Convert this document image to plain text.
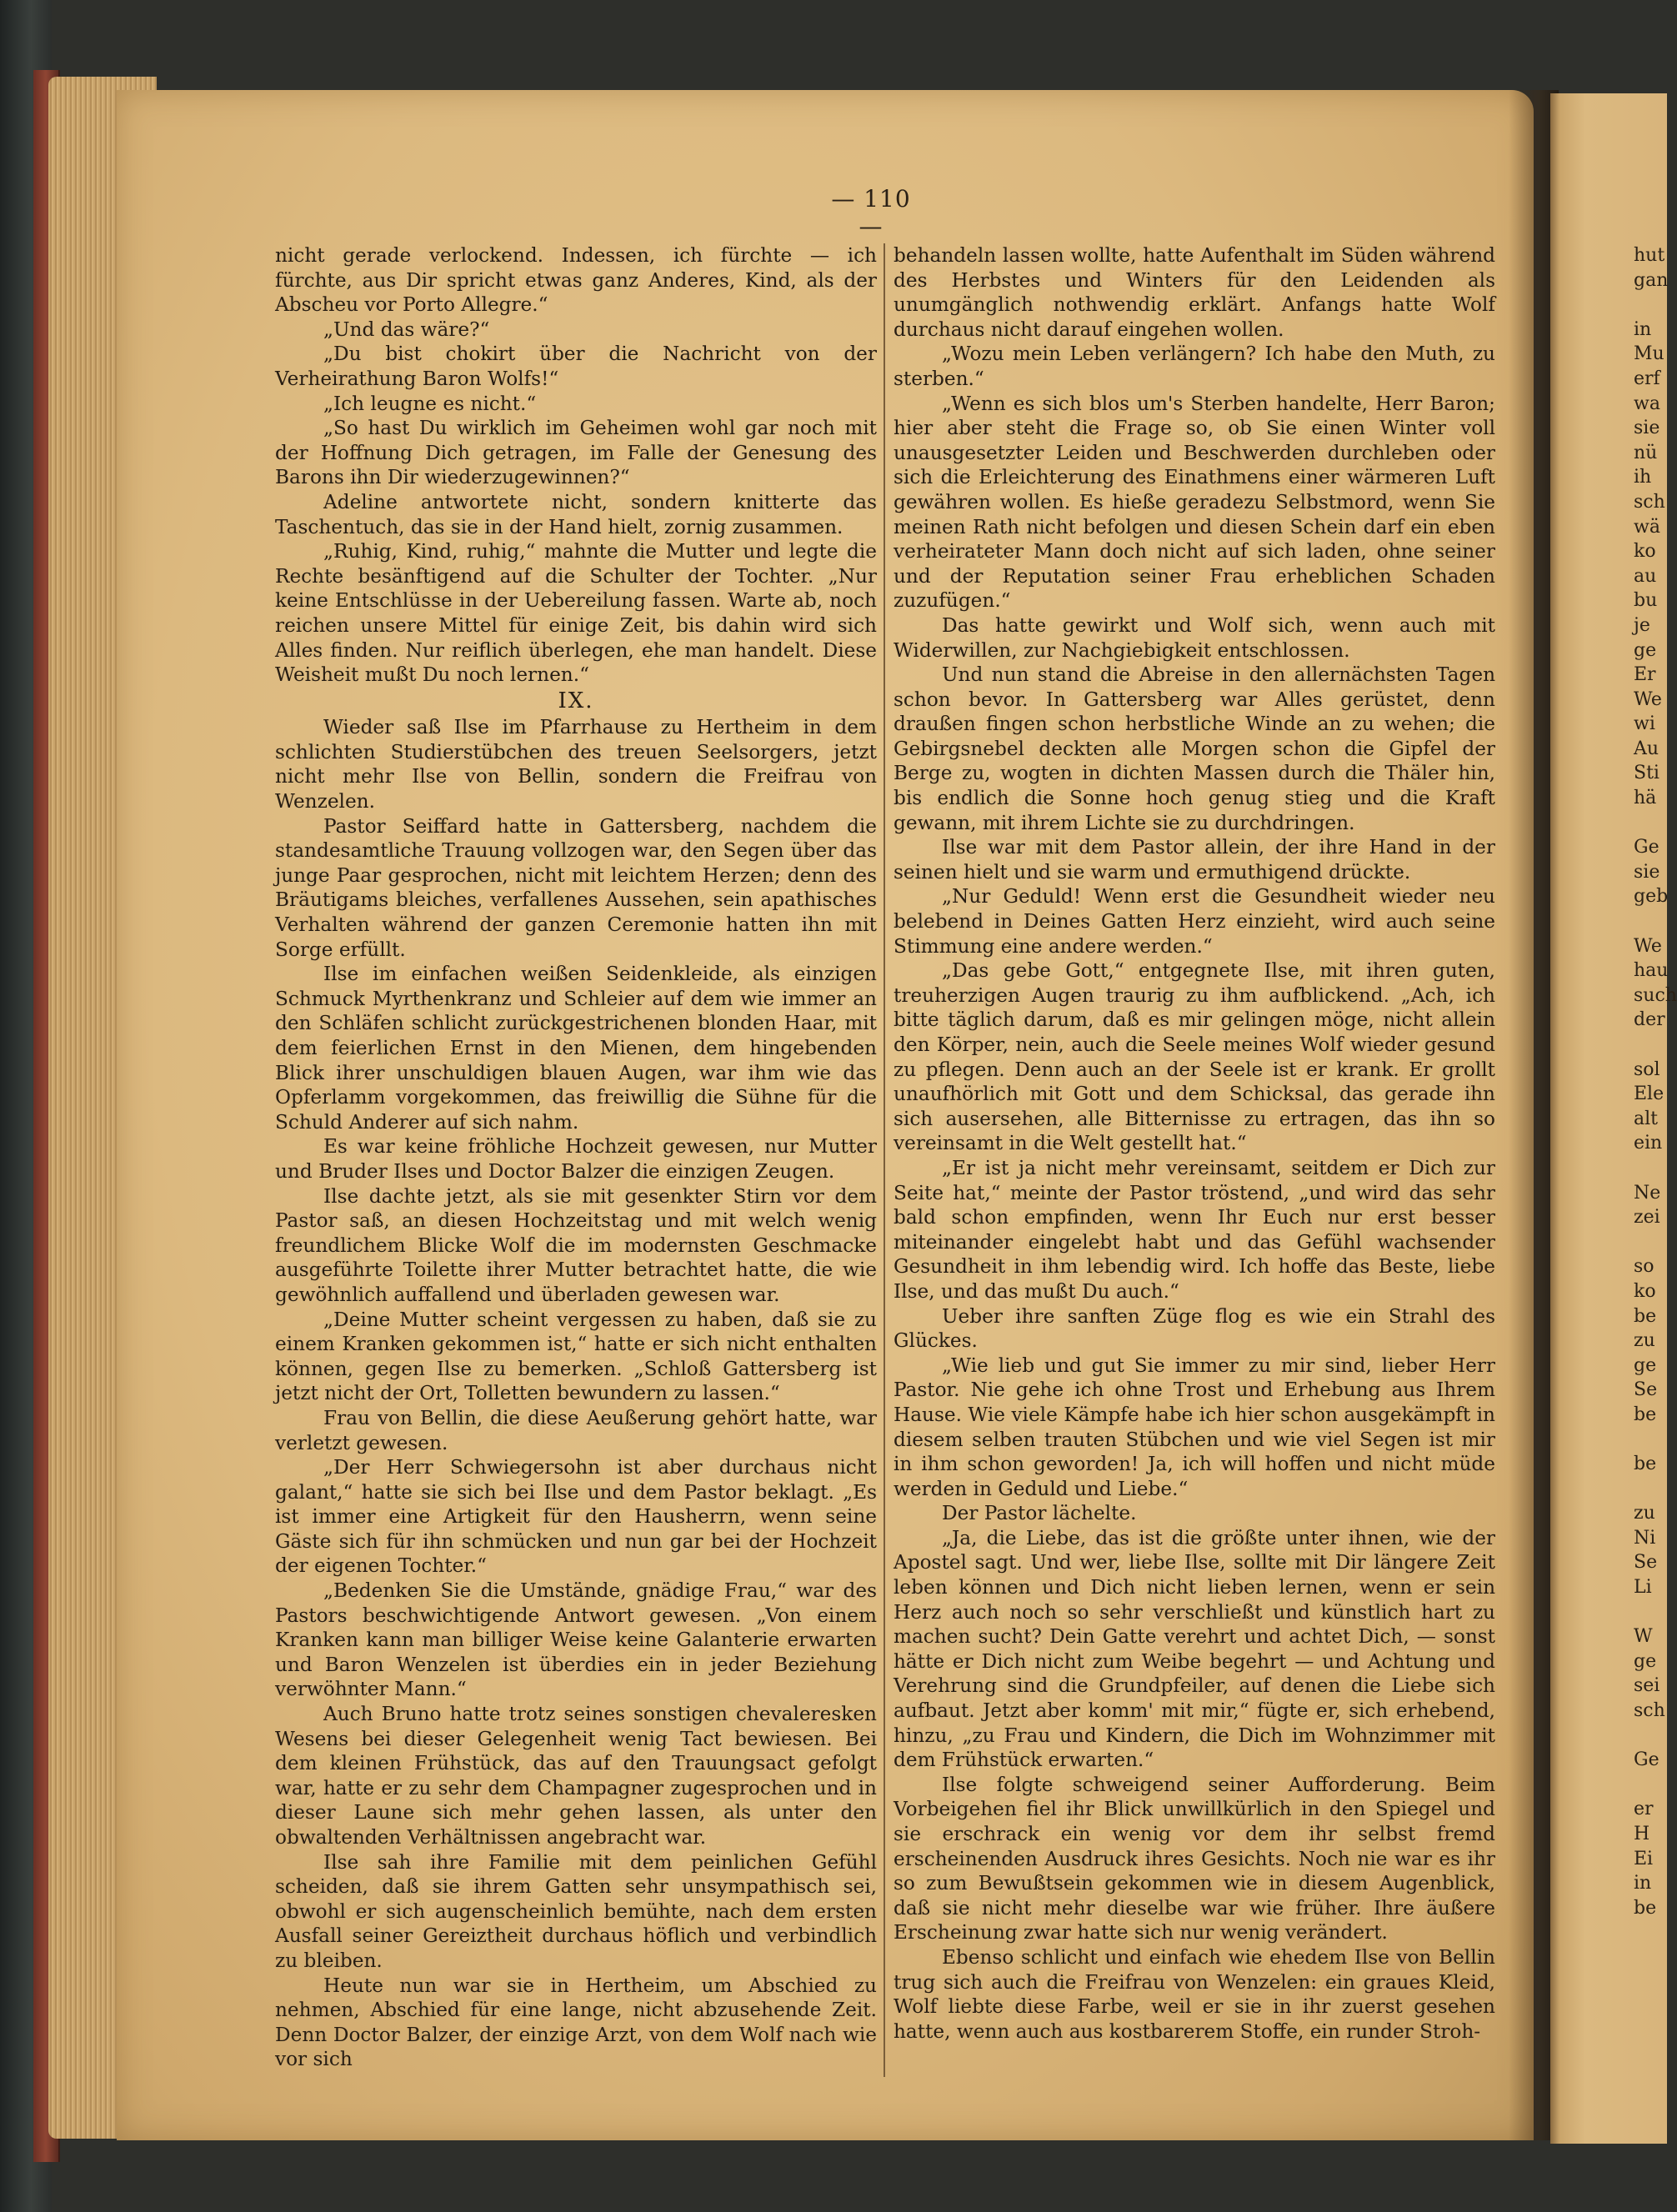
— 110 —

nicht gerade verlockend. Indessen, ich fürchte — ich fürchte, aus Dir spricht etwas ganz Anderes, Kind, als der Abscheu vor Porto Allegre.“

„Und das wäre?“

„Du bist chokirt über die Nachricht von der Verheirathung Baron Wolfs!“

„Ich leugne es nicht.“

„So hast Du wirklich im Geheimen wohl gar noch mit der Hoffnung Dich getragen, im Falle der Genesung des Barons ihn Dir wiederzugewinnen?“

Adeline antwortete nicht, sondern knitterte das Taschentuch, das sie in der Hand hielt, zornig zusammen.

„Ruhig, Kind, ruhig,“ mahnte die Mutter und legte die Rechte besänftigend auf die Schulter der Tochter. „Nur keine Entschlüsse in der Uebereilung fassen. Warte ab, noch reichen unsere Mittel für einige Zeit, bis dahin wird sich Alles finden. Nur reiflich überlegen, ehe man handelt. Diese Weisheit mußt Du noch lernen.“

IX.

Wieder saß Ilse im Pfarrhause zu Hertheim in dem schlichten Studierstübchen des treuen Seelsorgers, jetzt nicht mehr Ilse von Bellin, sondern die Freifrau von Wenzelen.

Pastor Seiffard hatte in Gattersberg, nachdem die standesamtliche Trauung vollzogen war, den Segen über das junge Paar gesprochen, nicht mit leichtem Herzen; denn des Bräutigams bleiches, verfallenes Aussehen, sein apathisches Verhalten während der ganzen Ceremonie hatten ihn mit Sorge erfüllt.

Ilse im einfachen weißen Seidenkleide, als einzigen Schmuck Myrthenkranz und Schleier auf dem wie immer an den Schläfen schlicht zurückgestrichenen blonden Haar, mit dem feierlichen Ernst in den Mienen, dem hingebenden Blick ihrer unschuldigen blauen Augen, war ihm wie das Opferlamm vorgekommen, das freiwillig die Sühne für die Schuld Anderer auf sich nahm.

Es war keine fröhliche Hochzeit gewesen, nur Mutter und Bruder Ilses und Doctor Balzer die einzigen Zeugen.

Ilse dachte jetzt, als sie mit gesenkter Stirn vor dem Pastor saß, an diesen Hochzeitstag und mit welch wenig freundlichem Blicke Wolf die im modernsten Geschmacke ausgeführte Toilette ihrer Mutter betrachtet hatte, die wie gewöhnlich auffallend und überladen gewesen war.

„Deine Mutter scheint vergessen zu haben, daß sie zu einem Kranken gekommen ist,“ hatte er sich nicht enthalten können, gegen Ilse zu bemerken. „Schloß Gattersberg ist jetzt nicht der Ort, Tolletten bewundern zu lassen.“

Frau von Bellin, die diese Aeußerung gehört hatte, war verletzt gewesen.

„Der Herr Schwiegersohn ist aber durchaus nicht galant,“ hatte sie sich bei Ilse und dem Pastor beklagt. „Es ist immer eine Artigkeit für den Hausherrn, wenn seine Gäste sich für ihn schmücken und nun gar bei der Hochzeit der eigenen Tochter.“

„Bedenken Sie die Umstände, gnädige Frau,“ war des Pastors beschwichtigende Antwort gewesen. „Von einem Kranken kann man billiger Weise keine Galanterie erwarten und Baron Wenzelen ist überdies ein in jeder Beziehung verwöhnter Mann.“

Auch Bruno hatte trotz seines sonstigen chevaleresken Wesens bei dieser Gelegenheit wenig Tact bewiesen. Bei dem kleinen Frühstück, das auf den Trauungsact gefolgt war, hatte er zu sehr dem Champagner zugesprochen und in dieser Laune sich mehr gehen lassen, als unter den obwaltenden Verhältnissen angebracht war.

Ilse sah ihre Familie mit dem peinlichen Gefühl scheiden, daß sie ihrem Gatten sehr unsympathisch sei, obwohl er sich augenscheinlich bemühte, nach dem ersten Ausfall seiner Gereiztheit durchaus höflich und verbindlich zu bleiben.

Heute nun war sie in Hertheim, um Abschied zu nehmen, Abschied für eine lange, nicht abzusehende Zeit. Denn Doctor Balzer, der einzige Arzt, von dem Wolf nach wie vor sich

behandeln lassen wollte, hatte Aufenthalt im Süden während des Herbstes und Winters für den Leidenden als unumgänglich nothwendig erklärt. Anfangs hatte Wolf durchaus nicht darauf eingehen wollen.

„Wozu mein Leben verlängern? Ich habe den Muth, zu sterben.“

„Wenn es sich blos um's Sterben handelte, Herr Baron; hier aber steht die Frage so, ob Sie einen Winter voll unausgesetzter Leiden und Beschwerden durchleben oder sich die Erleichterung des Einathmens einer wärmeren Luft gewähren wollen. Es hieße geradezu Selbstmord, wenn Sie meinen Rath nicht befolgen und diesen Schein darf ein eben verheirateter Mann doch nicht auf sich laden, ohne seiner und der Reputation seiner Frau erheblichen Schaden zuzufügen.“

Das hatte gewirkt und Wolf sich, wenn auch mit Widerwillen, zur Nachgiebigkeit entschlossen.

Und nun stand die Abreise in den allernächsten Tagen schon bevor. In Gattersberg war Alles gerüstet, denn draußen fingen schon herbstliche Winde an zu wehen; die Gebirgsnebel deckten alle Morgen schon die Gipfel der Berge zu, wogten in dichten Massen durch die Thäler hin, bis endlich die Sonne hoch genug stieg und die Kraft gewann, mit ihrem Lichte sie zu durchdringen.

Ilse war mit dem Pastor allein, der ihre Hand in der seinen hielt und sie warm und ermuthigend drückte.

„Nur Geduld! Wenn erst die Gesundheit wieder neu belebend in Deines Gatten Herz einzieht, wird auch seine Stimmung eine andere werden.“

„Das gebe Gott,“ entgegnete Ilse, mit ihren guten, treuherzigen Augen traurig zu ihm aufblickend. „Ach, ich bitte täglich darum, daß es mir gelingen möge, nicht allein den Körper, nein, auch die Seele meines Wolf wieder gesund zu pflegen. Denn auch an der Seele ist er krank. Er grollt unaufhörlich mit Gott und dem Schicksal, das gerade ihn sich ausersehen, alle Bitternisse zu ertragen, das ihn so vereinsamt in die Welt gestellt hat.“

„Er ist ja nicht mehr vereinsamt, seitdem er Dich zur Seite hat,“ meinte der Pastor tröstend, „und wird das sehr bald schon empfinden, wenn Ihr Euch nur erst besser miteinander eingelebt habt und das Gefühl wachsender Gesundheit in ihm lebendig wird. Ich hoffe das Beste, liebe Ilse, und das mußt Du auch.“

Ueber ihre sanften Züge flog es wie ein Strahl des Glückes.

„Wie lieb und gut Sie immer zu mir sind, lieber Herr Pastor. Nie gehe ich ohne Trost und Erhebung aus Ihrem Hause. Wie viele Kämpfe habe ich hier schon ausgekämpft in diesem selben trauten Stübchen und wie viel Segen ist mir in ihm schon geworden! Ja, ich will hoffen und nicht müde werden in Geduld und Liebe.“

Der Pastor lächelte.

„Ja, die Liebe, das ist die größte unter ihnen, wie der Apostel sagt. Und wer, liebe Ilse, sollte mit Dir längere Zeit leben können und Dich nicht lieben lernen, wenn er sein Herz auch noch so sehr verschließt und künstlich hart zu machen sucht? Dein Gatte verehrt und achtet Dich, — sonst hätte er Dich nicht zum Weibe begehrt — und Achtung und Verehrung sind die Grundpfeiler, auf denen die Liebe sich aufbaut. Jetzt aber komm' mit mir,“ fügte er, sich erhebend, hinzu, „zu Frau und Kindern, die Dich im Wohnzimmer mit dem Frühstück erwarten.“

Ilse folgte schweigend seiner Aufforderung. Beim Vorbeigehen fiel ihr Blick unwillkürlich in den Spiegel und sie erschrack ein wenig vor dem ihr selbst fremd erscheinenden Ausdruck ihres Gesichts. Noch nie war es ihr so zum Bewußtsein gekommen wie in diesem Augenblick, daß sie nicht mehr dieselbe war wie früher. Ihre äußere Erscheinung zwar hatte sich nur wenig verändert.

Ebenso schlicht und einfach wie ehedem Ilse von Bellin trug sich auch die Freifrau von Wenzelen: ein graues Kleid, Wolf liebte diese Farbe, weil er sie in ihr zuerst gesehen hatte, wenn auch aus kostbarerem Stoffe, ein runder Stroh-

hut
gan
in
Mu
erf
wa
sie
nü
ih
sch
wä
ko
au
bu
je
ge
Er
We
wi
Au
Sti
hä
Ge
sie
geb
We
hau
such
der
sol
Ele
alt
ein
Ne
zei
so
ko
be
zu
ge
Se
be
be
zu
Ni
Se
Li
W
ge
sei
sch
Ge
er
H
Ei
in
be
